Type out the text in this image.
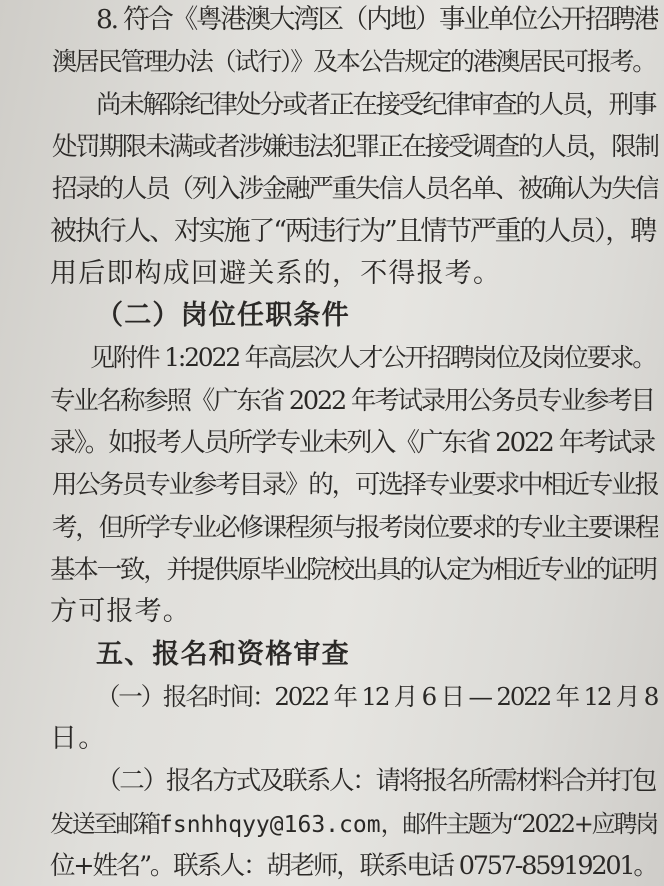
8. 符合《粤港澳大湾区（内地）事业单位公开招聘港
澳居民管理办法（试行）》及本公告规定的港澳居民可报考。
尚未解除纪律处分或者正在接受纪律审查的人员，刑事
处罚期限未满或者涉嫌违法犯罪正在接受调查的人员，限制
招录的人员（列入涉金融严重失信人员名单、被确认为失信
被执行人、对实施了“两违行为”且情节严重的人员），聘
用后即构成回避关系的，不得报考。
（二）岗位任职条件
见附件 1:2022 年高层次人才公开招聘岗位及岗位要求。
专业名称参照《广东省 2022 年考试录用公务员专业参考目
录》。如报考人员所学专业未列入《广东省 2022 年考试录
用公务员专业参考目录》的，可选择专业要求中相近专业报
考，但所学专业必修课程须与报考岗位要求的专业主要课程
基本一致，并提供原毕业院校出具的认定为相近专业的证明
方可报考。
五、报名和资格审查
（一）报名时间：2022 年 12 月 6 日 — 2022 年 12 月 8
日。
（二）报名方式及联系人：请将报名所需材料合并打包
发送至邮箱fsnhhqyy@163.com，邮件主题为“2022+应聘岗
位+姓名”。联系人：胡老师，联系电话 0757-85919201。
